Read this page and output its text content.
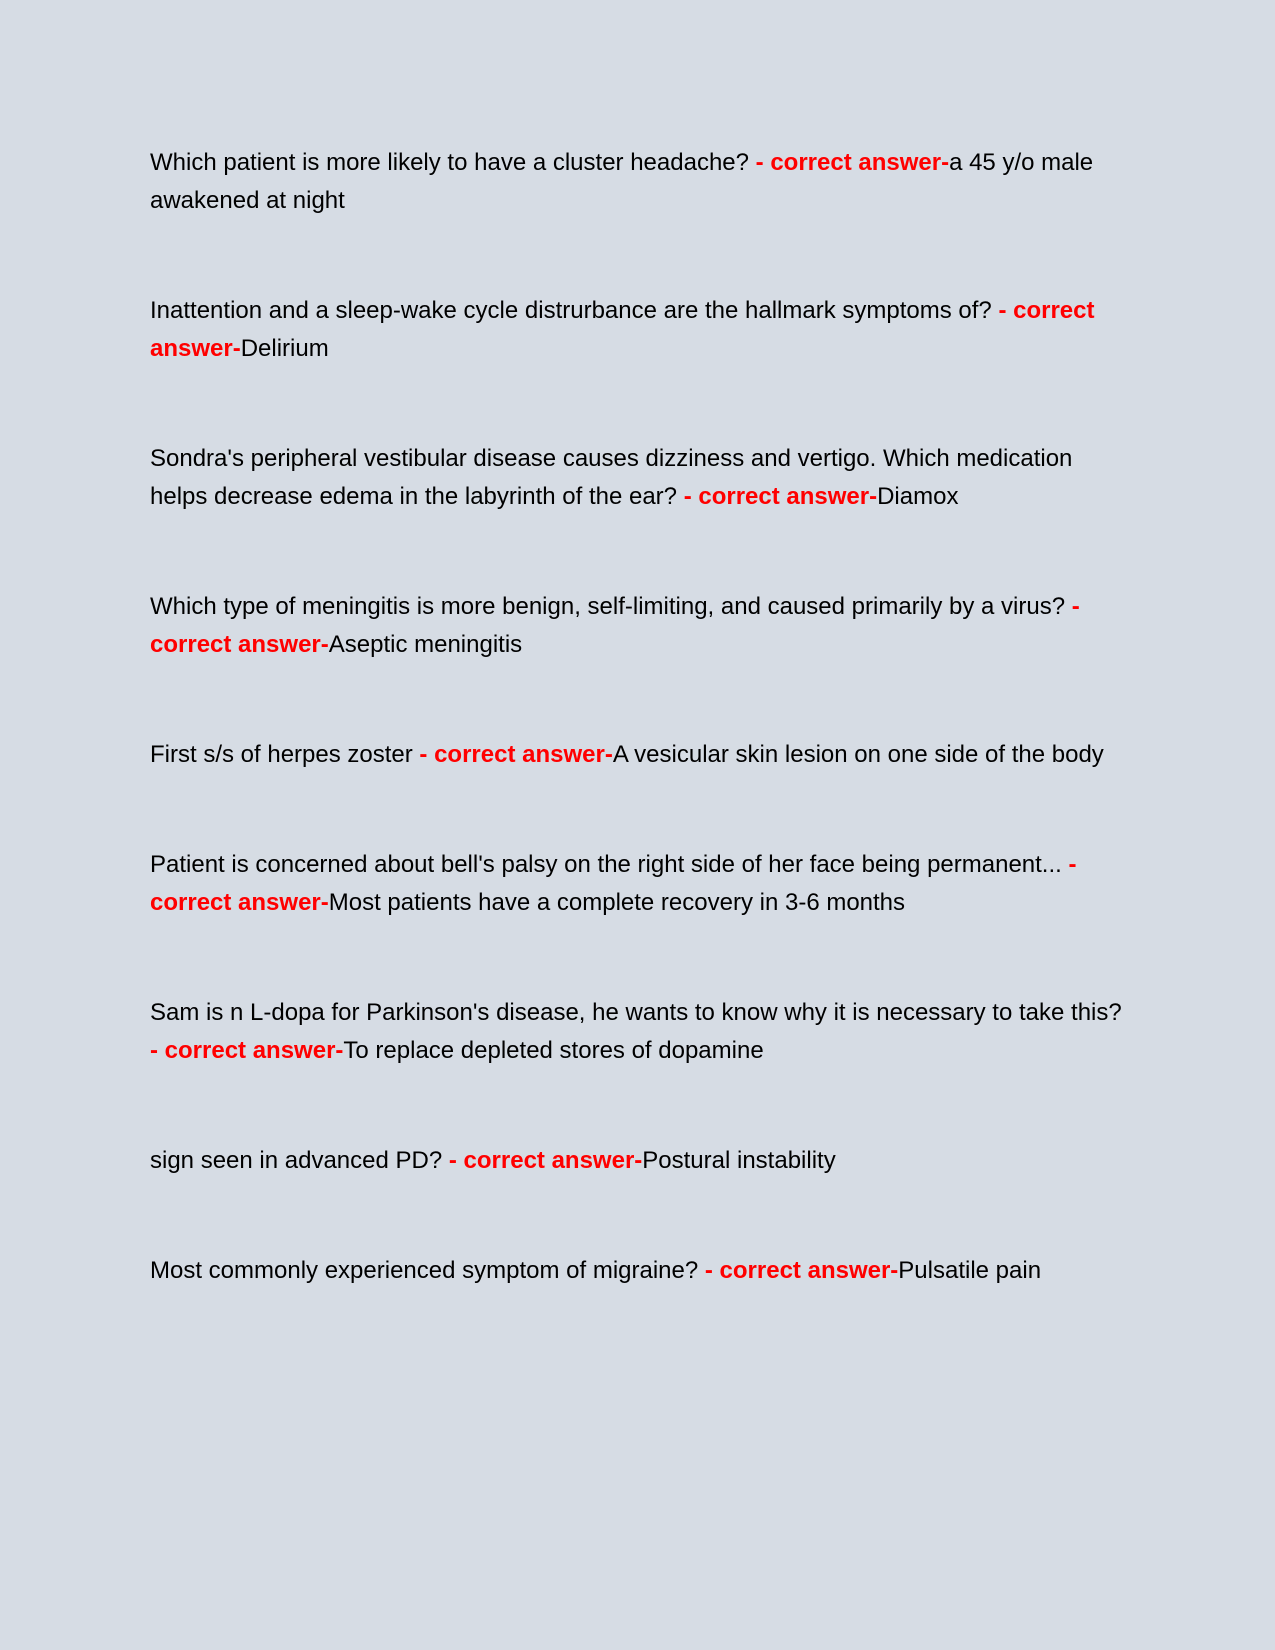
Which patient is more likely to have a cluster headache? - correct answer-a 45 y/o male awakened at night

Inattention and a sleep-wake cycle distrurbance are the hallmark symptoms of? - correct answer-Delirium

Sondra's peripheral vestibular disease causes dizziness and vertigo. Which medication helps decrease edema in the labyrinth of the ear? - correct answer-Diamox

Which type of meningitis is more benign, self-limiting, and caused primarily by a virus? - correct answer-Aseptic meningitis

First s/s of herpes zoster - correct answer-A vesicular skin lesion on one side of the body

Patient is concerned about bell's palsy on the right side of her face being permanent... - correct answer-Most patients have a complete recovery in 3-6 months

Sam is n L-dopa for Parkinson's disease, he wants to know why it is necessary to take this? - correct answer-To replace depleted stores of dopamine

sign seen in advanced PD? - correct answer-Postural instability

Most commonly experienced symptom of migraine? - correct answer-Pulsatile pain
